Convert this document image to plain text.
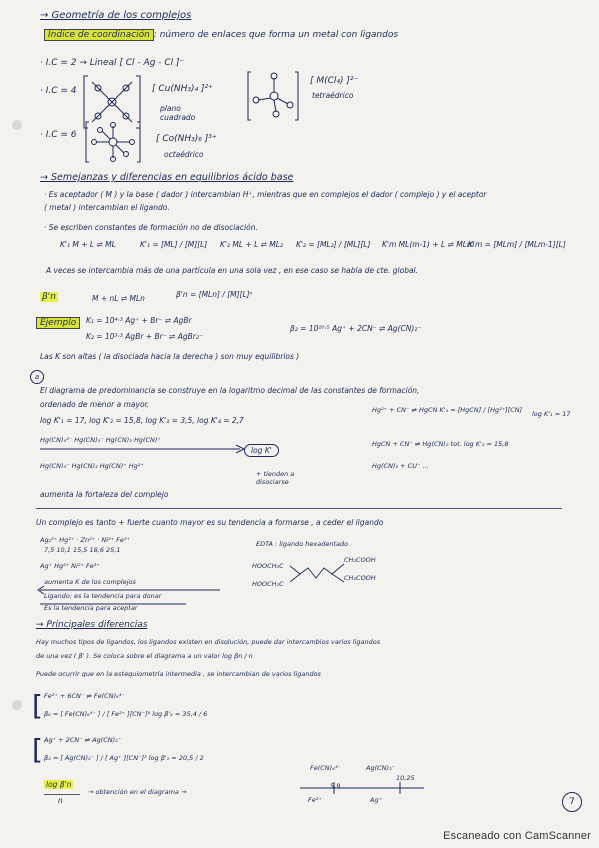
→ Geometría de los complejos
Índice de coordinación : número de enlaces que forma un metal con ligandos
· I.C = 2 → Lineal [ Cl - Ag - Cl ]⁻
· I.C = 4	[ Cu(NH₃)₄ ]²⁺
plano cuadrado
[ M(Cl₄) ]²⁻
tetraédrico
· I.C = 6	[ Co(NH₃)₆ ]³⁺
octaédrico
→ Semejanzas y diferencias en equilibrios ácido base
· Es aceptador ( M ) y la base ( dador ) intercambian H⁺, mientras que en complejos el dador ( complejo ) y el aceptor
( metal ) intercambian el ligando.
· Se escriben constantes de formación no de disociación.
K'₁ M + L ⇌ ML	K'₁ = [ML] / [M][L] K'₂ ML + L ⇌ ML₂ K'₂ = [ML₂] / [ML][L] K'm ML(m-1) + L ⇌ MLm
K'm = [MLm] / [MLm-1][L]
A veces se intercambia más de una partícula en una sola vez , en ese caso se habla de cte. global.
β'n	M + nL ⇌ MLn	β'n = [MLn] / [M][L]ⁿ
Ejemplo	K₁ = 10⁴·³ Ag⁺ + Br⁻ ⇌ AgBr
K₂ = 10³·³ AgBr + Br⁻ ⇌ AgBr₂⁻
β₂ = 10²⁰·⁵ Ag⁺ + 2CN⁻ ⇌ Ag(CN)₂⁻
Las K son altas ( la disociada hacia la derecha ) son muy equilibrios )
a
El diagrama de predominancia se construye en la logaritmo decimal de las constantes de formación,
ordenado de menor a mayor.
log K'₁ = 17, log K'₂ = 15,8, log K'₃ = 3,5, log K'₄ = 2,7
Hg(CN)₄²⁻ Hg(CN)₃⁻ Hg(CN)₂ Hg(CN)⁺
log K'
Hg(CN)₃⁻ Hg(CN)₂ Hg(CN)⁺ Hg²⁺
+ tienden a disociarse
aumenta la fortaleza del complejo
Hg²⁺ + CN⁻ ⇌ HgCN K'₁ = [HgCN] / [Hg²⁺][CN] log K'₁ = 17
HgCN + CN⁻ ⇌ Hg(CN)₂ tot. log K'₂ = 15,8
Hg(CN)₂ + CU⁻ ...
Un complejo es tanto + fuerte cuanto mayor es su tendencia a formarse , a ceder el ligando
Ag₂³⁺ Hg²⁺ · Zn²⁺ · Ni²⁺ Fe³⁺
7,5 10,1 15,5 18,6 25,1
Ag⁺ Hg²⁺ Ni²⁺ Fe³⁺
aumenta K de los complejos
Ligando: es la tendencia para donar
Es la tendencia para aceptar
EDTA : ligando hexadentado
HOOCH₂C
HOOCH₂C
CH₂COOH
CH₂COOH
→ Principales diferencias
Hay muchos tipos de ligandos, los ligandos existen en disolución, puede dar intercambios varios ligandos
de una vez ( β' ). Se coloca sobre el diagrama a un valor log βn / n
Puede ocurrir que en la estequiometría intermedia , se intercambian de varios ligandos
[ Fe²⁺ + 6CN⁻ ⇌ Fe(CN)₆⁴⁻
β₆ = [ Fe(CN)₆⁴⁻ ] / [ Fe²⁺ ][CN⁻]⁶ log β'₆ = 35,4 / 6
[ Ag⁺ + 2CN⁻ ⇌ Ag(CN)₂⁻
β₂ = [ Ag(CN)₂⁻ ] / [ Ag⁺ ][CN⁻]² log β'₂ = 20,5 / 2
log β'n
n
→ obtención en el diagrama →
Fe(CN)₆⁴⁻	Ag(CN)₂⁻
10,25
5,9
Fe²⁺	Ag⁺	7
Escaneado con CamScanner
